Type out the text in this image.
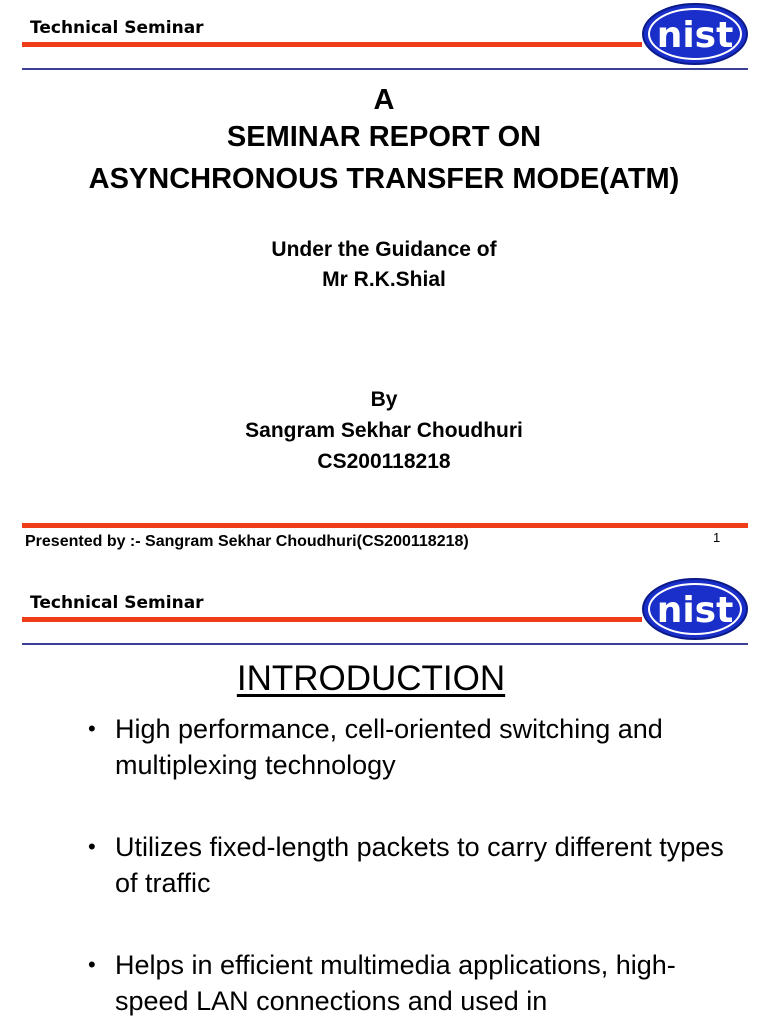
Technical Seminar	nist
A
SEMINAR REPORT ON
ASYNCHRONOUS TRANSFER MODE(ATM)
Under the Guidance of
Mr R.K.Shial
By
Sangram Sekhar Choudhuri
CS200118218
Presented by :- Sangram Sekhar Choudhuri(CS200118218)	1
Technical Seminar	nist
INTRODUCTION
• High performance, cell-oriented switching and multiplexing technology
• Utilizes fixed-length packets to carry different types of traffic
• Helps in efficient multimedia applications, high-speed LAN connections and used in
